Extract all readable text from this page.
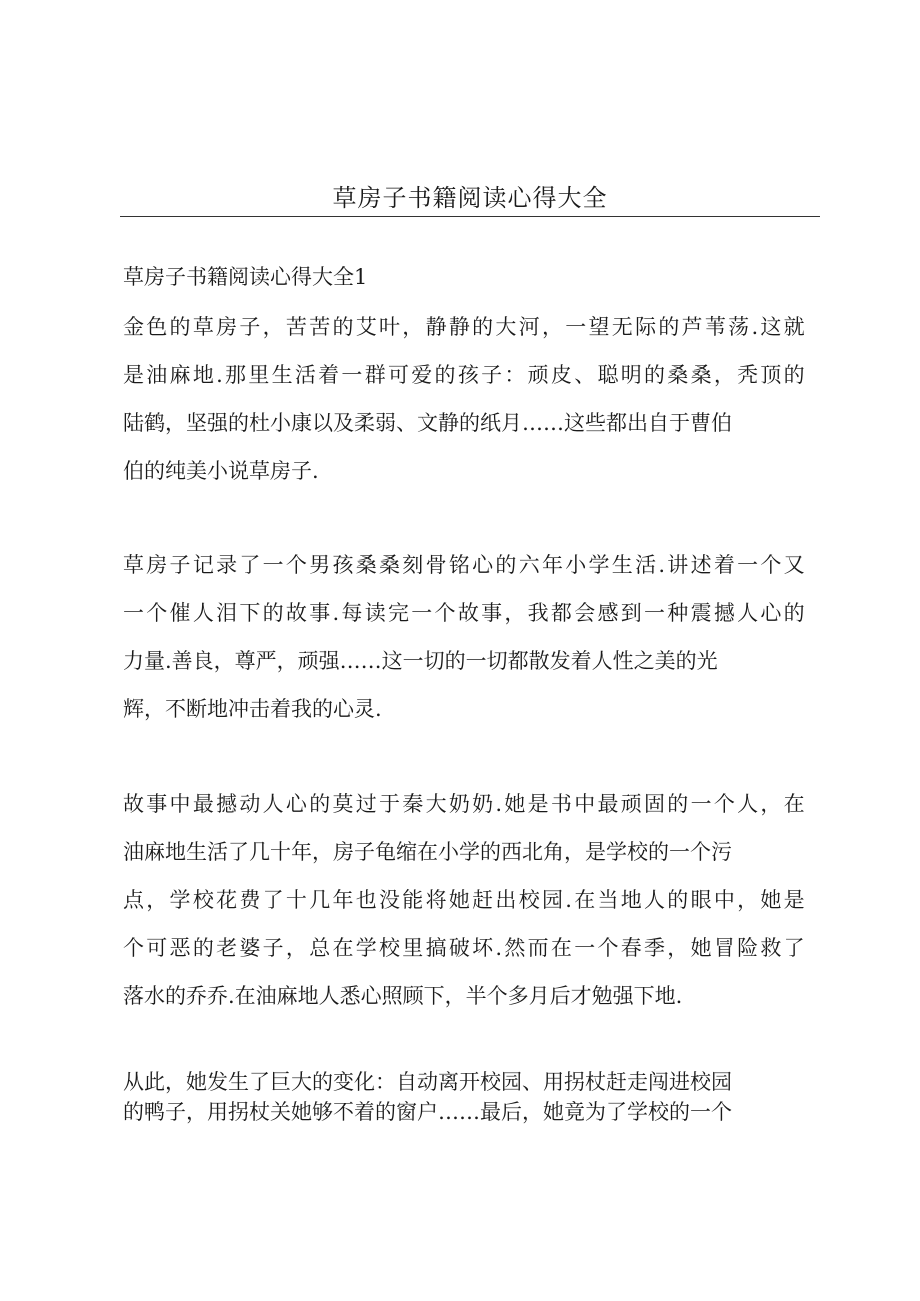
草房子书籍阅读心得大全

草房子书籍阅读心得大全1

金色的草房子，苦苦的艾叶，静静的大河，一望无际的芦苇荡.这就

是油麻地.那里生活着一群可爱的孩子：顽皮、聪明的桑桑，秃顶的

陆鹤，坚强的杜小康以及柔弱、文静的纸月……这些都出自于曹伯

伯的纯美小说草房子.

草房子记录了一个男孩桑桑刻骨铭心的六年小学生活.讲述着一个又

一个催人泪下的故事.每读完一个故事，我都会感到一种震撼人心的

力量.善良，尊严，顽强……这一切的一切都散发着人性之美的光

辉，不断地冲击着我的心灵.

故事中最撼动人心的莫过于秦大奶奶.她是书中最顽固的一个人，在

油麻地生活了几十年，房子龟缩在小学的西北角，是学校的一个污

点，学校花费了十几年也没能将她赶出校园.在当地人的眼中，她是

个可恶的老婆子，总在学校里搞破坏.然而在一个春季，她冒险救了

落水的乔乔.在油麻地人悉心照顾下，半个多月后才勉强下地.

从此，她发生了巨大的变化：自动离开校园、用拐杖赶走闯进校园

的鸭子，用拐杖关她够不着的窗户……最后，她竟为了学校的一个
